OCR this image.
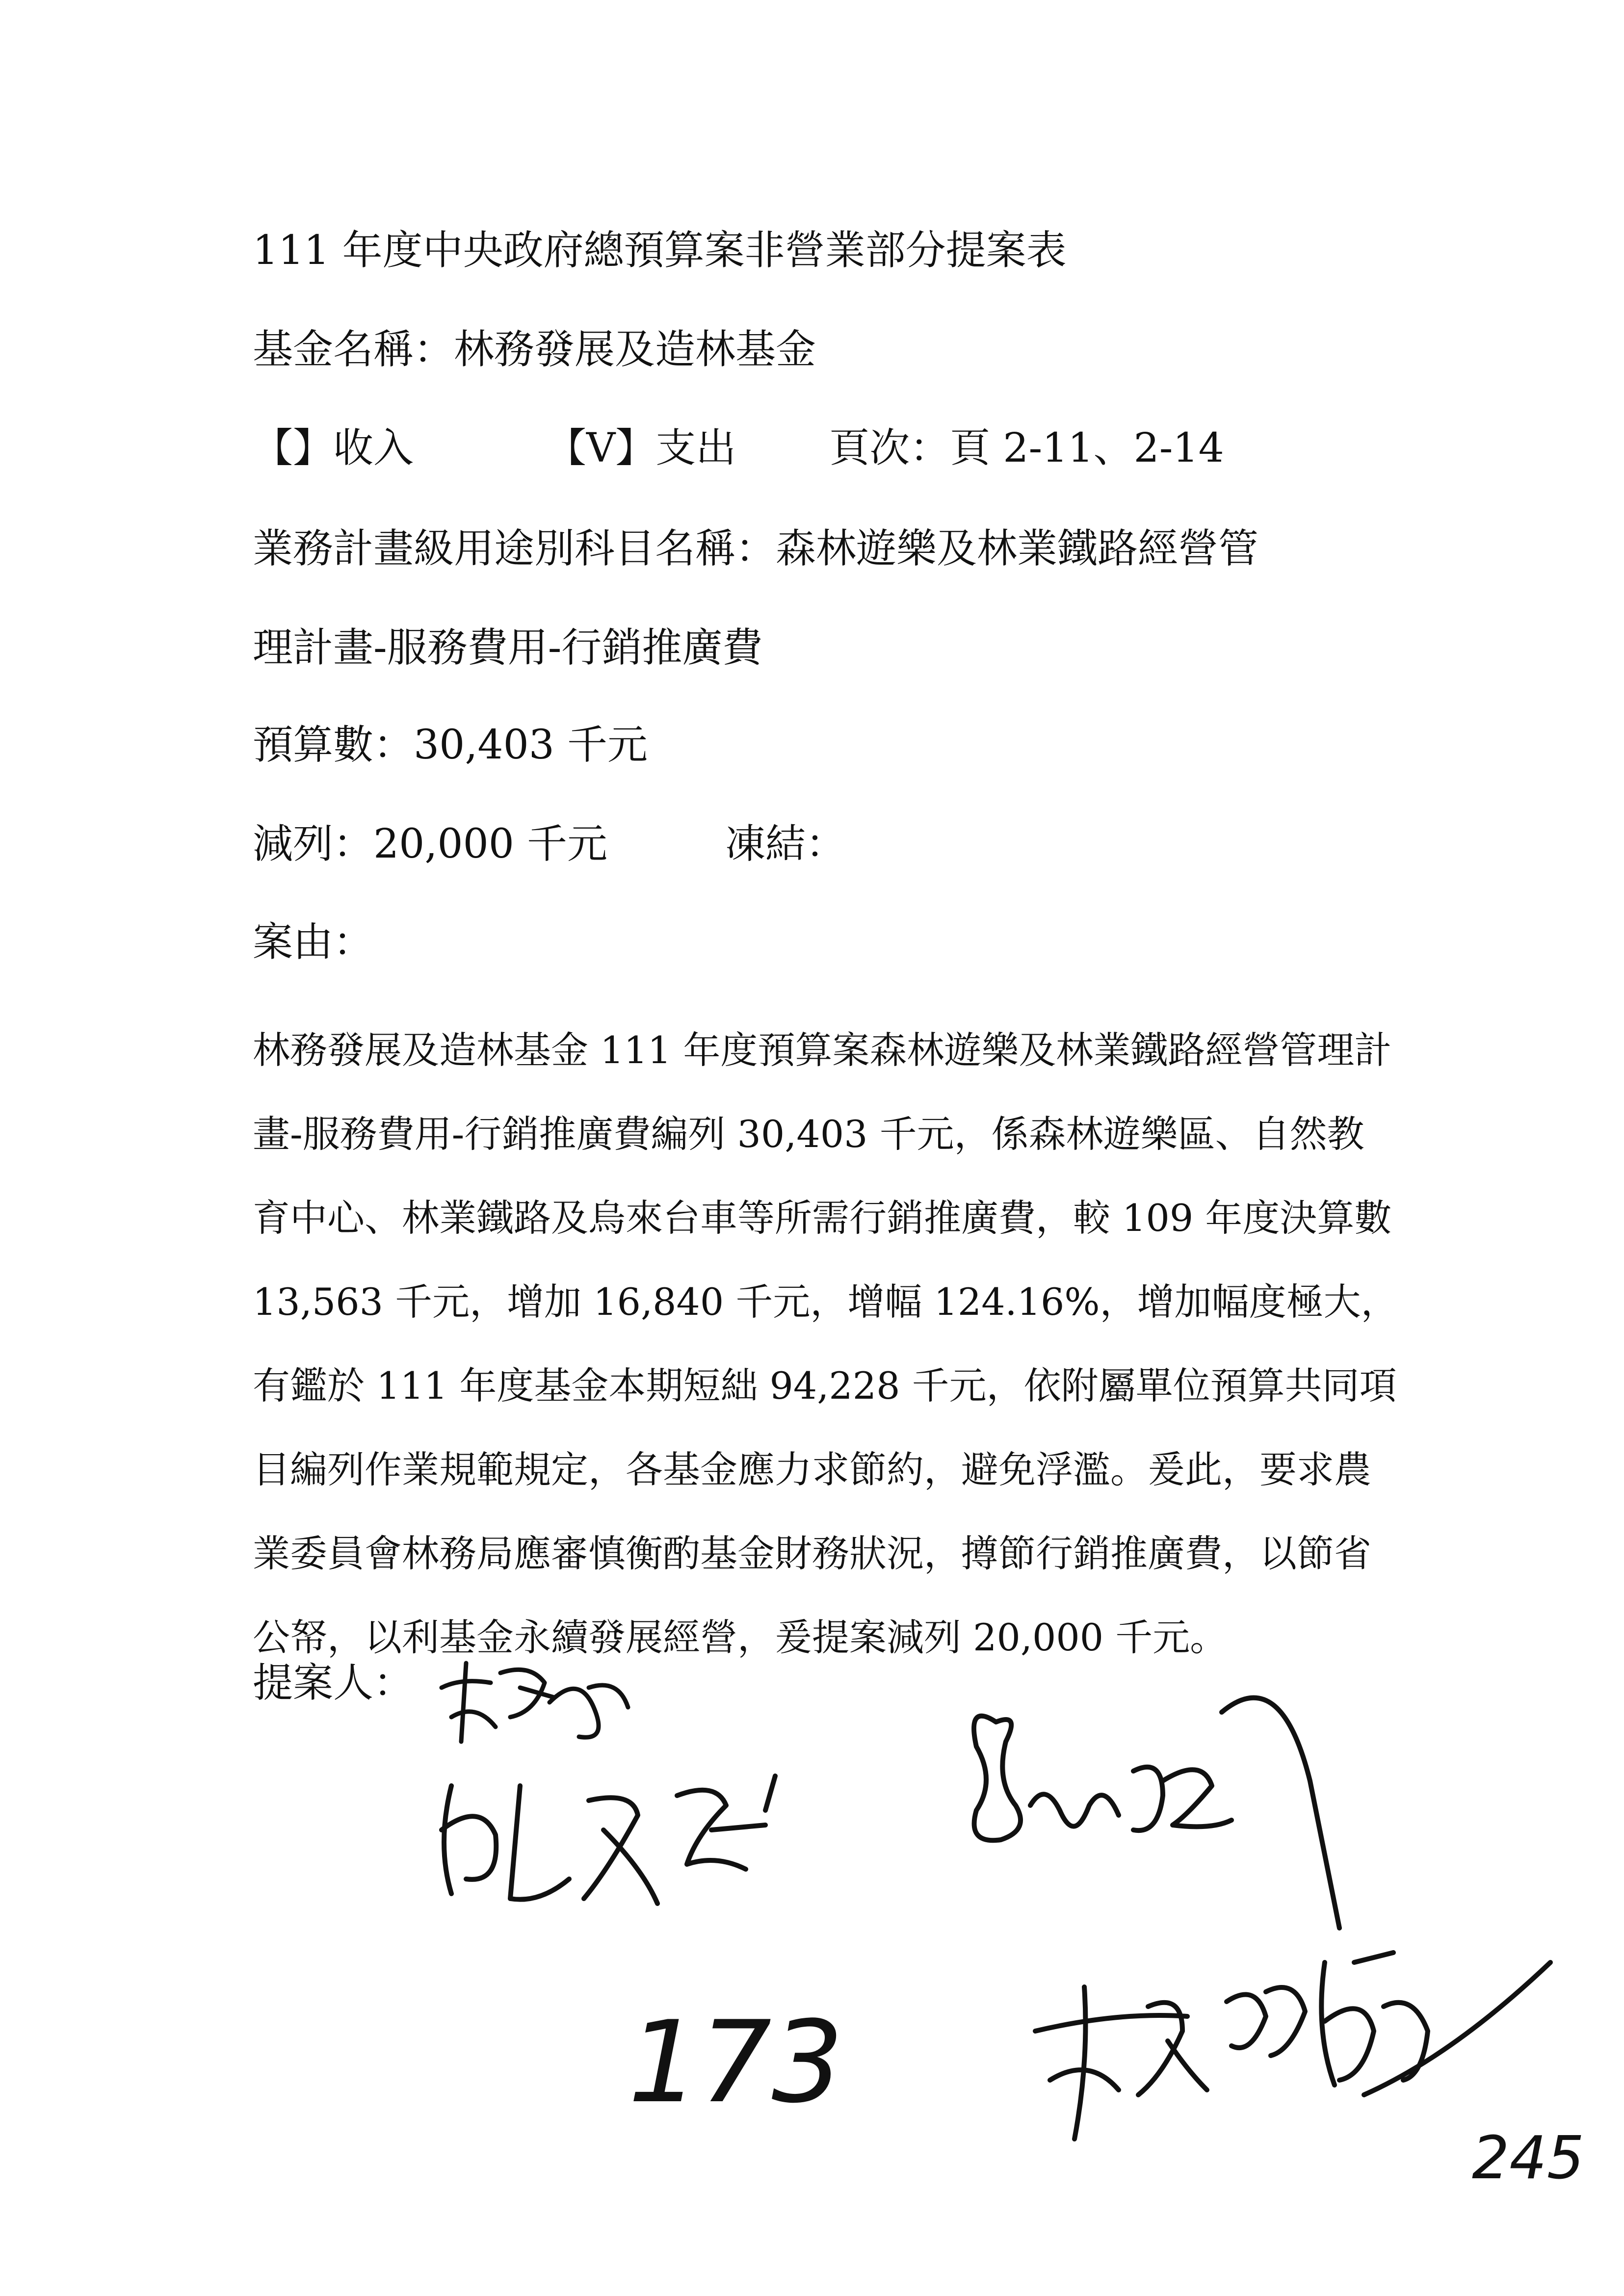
111 年度中央政府總預算案非營業部分提案表
基金名稱：林務發展及造林基金
【】收入	【V】支出 頁次：頁 2-11、2-14
業務計畫級用途別科目名稱：森林遊樂及林業鐵路經營管
理計畫-服務費用-行銷推廣費
預算數：30,403 千元
減列：20,000 千元	凍結：
案由：

林務發展及造林基金 111 年度預算案森林遊樂及林業鐵路經營管理計畫-服務費用-行銷推廣費編列 30,403 千元，係森林遊樂區、自然教育中心、林業鐵路及烏來台車等所需行銷推廣費，較 109 年度決算數 13,563 千元，增加 16,840 千元，增幅 124.16%，增加幅度極大，有鑑於 111 年度基金本期短絀 94,228 千元，依附屬單位預算共同項目編列作業規範規定，各基金應力求節約，避免浮濫。爰此，要求農業委員會林務局應審慎衡酌基金財務狀況，撙節行銷推廣費，以節省公帑，以利基金永續發展經營，爰提案減列 20,000 千元。

提案人：
173
245
